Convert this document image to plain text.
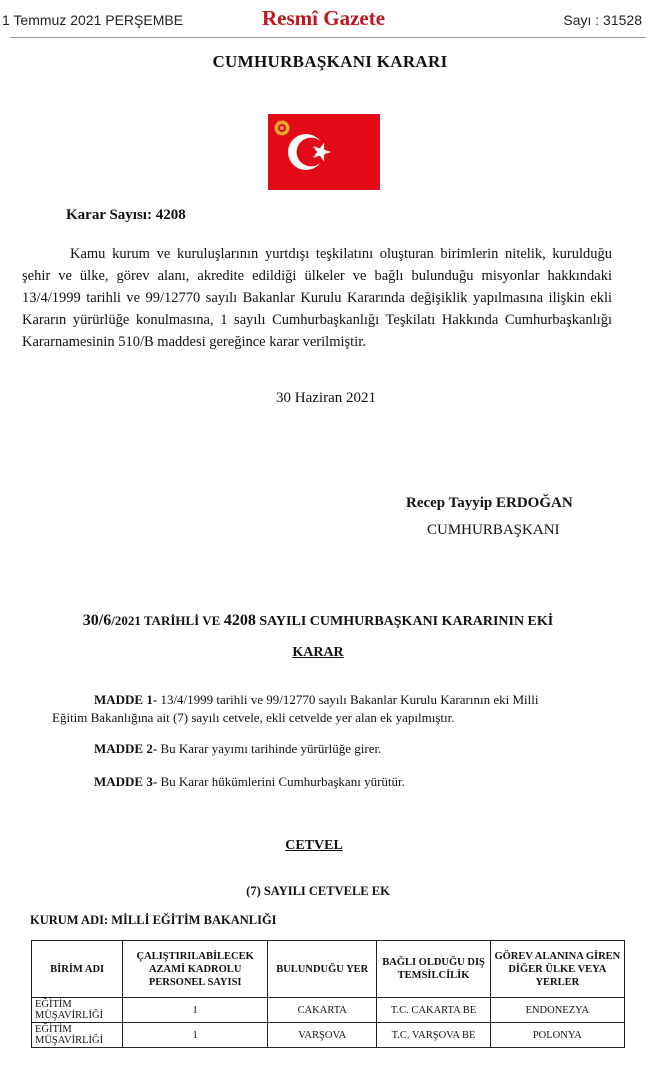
1 Temmuz 2021 PERŞEMBE	Resmî Gazete	Sayı : 31528
CUMHURBAŞKANI KARARI
Karar Sayısı: 4208
Kamu kurum ve kuruluşlarının yurtdışı teşkilatını oluşturan birimlerin nitelik, kurulduğu şehir ve ülke, görev alanı, akredite edildiği ülkeler ve bağlı bulunduğu misyonlar hakkındaki 13/4/1999 tarihli ve 99/12770 sayılı Bakanlar Kurulu Kararında değişiklik yapılmasına ilişkin ekli Kararın yürürlüğe konulmasına, 1 sayılı Cumhurbaşkanlığı Teşkilatı Hakkında Cumhurbaşkanlığı Kararnamesinin 510/B maddesi gereğince karar verilmiştir.
30 Haziran 2021
Recep Tayyip ERDOĞAN
CUMHURBAŞKANI
30/6/2021 TARİHLİ VE 4208 SAYILI CUMHURBAŞKANI KARARININ EKİ
KARAR
MADDE 1- 13/4/1999 tarihli ve 99/12770 sayılı Bakanlar Kurulu Kararının eki Milli Eğitim Bakanlığına ait (7) sayılı cetvele, ekli cetvelde yer alan ek yapılmıştır.
MADDE 2- Bu Karar yayımı tarihinde yürürlüğe girer.
MADDE 3- Bu Karar hükümlerini Cumhurbaşkanı yürütür.
CETVEL
(7) SAYILI CETVELE EK
KURUM ADI: MİLLİ EĞİTİM BAKANLIĞI
BİRİM ADI	ÇALIŞTIRILABİLECEK AZAMİ KADROLU PERSONEL SAYISI	BULUNDUĞU YER	BAĞLI OLDUĞU DIŞ TEMSİLCİLİK	GÖREV ALANINA GİREN DİĞER ÜLKE VEYA YERLER
EĞİTİM MÜŞAVİRLİĞİ	1	CAKARTA	T.C. CAKARTA BE	ENDONEZYA
EĞİTİM MÜŞAVİRLİĞİ	1	VARŞOVA	T.C. VARŞOVA BE	POLONYA
